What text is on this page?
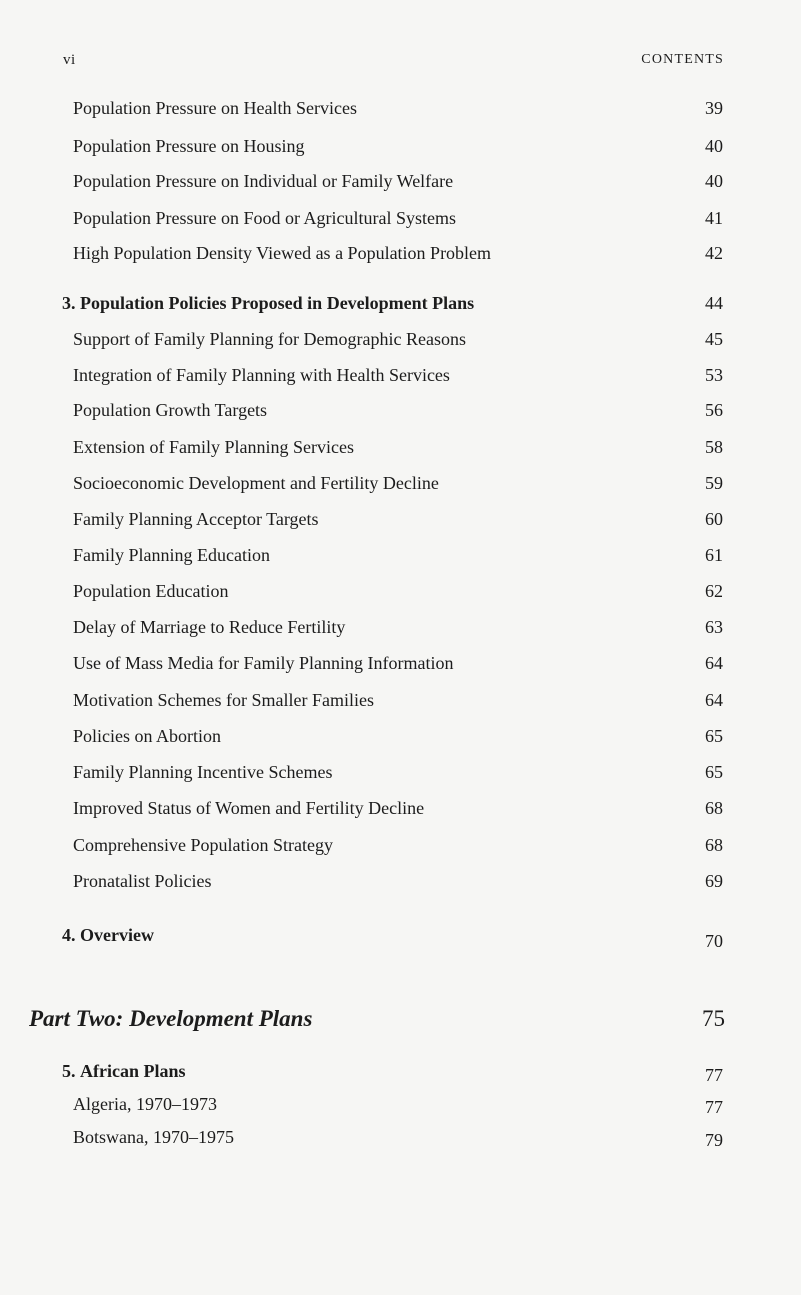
vi	CONTENTS
Population Pressure on Health Services	39
Population Pressure on Housing	40
Population Pressure on Individual or Family Welfare	40
Population Pressure on Food or Agricultural Systems	41
High Population Density Viewed as a Population Problem	42
3. Population Policies Proposed in Development Plans	44
Support of Family Planning for Demographic Reasons	45
Integration of Family Planning with Health Services	53
Population Growth Targets	56
Extension of Family Planning Services	58
Socioeconomic Development and Fertility Decline	59
Family Planning Acceptor Targets	60
Family Planning Education	61
Population Education	62
Delay of Marriage to Reduce Fertility	63
Use of Mass Media for Family Planning Information	64
Motivation Schemes for Smaller Families	64
Policies on Abortion	65
Family Planning Incentive Schemes	65
Improved Status of Women and Fertility Decline	68
Comprehensive Population Strategy	68
Pronatalist Policies	69
4. Overview	70
Part Two: Development Plans	75
5. African Plans	77
Algeria, 1970–1973	77
Botswana, 1970–1975	79
